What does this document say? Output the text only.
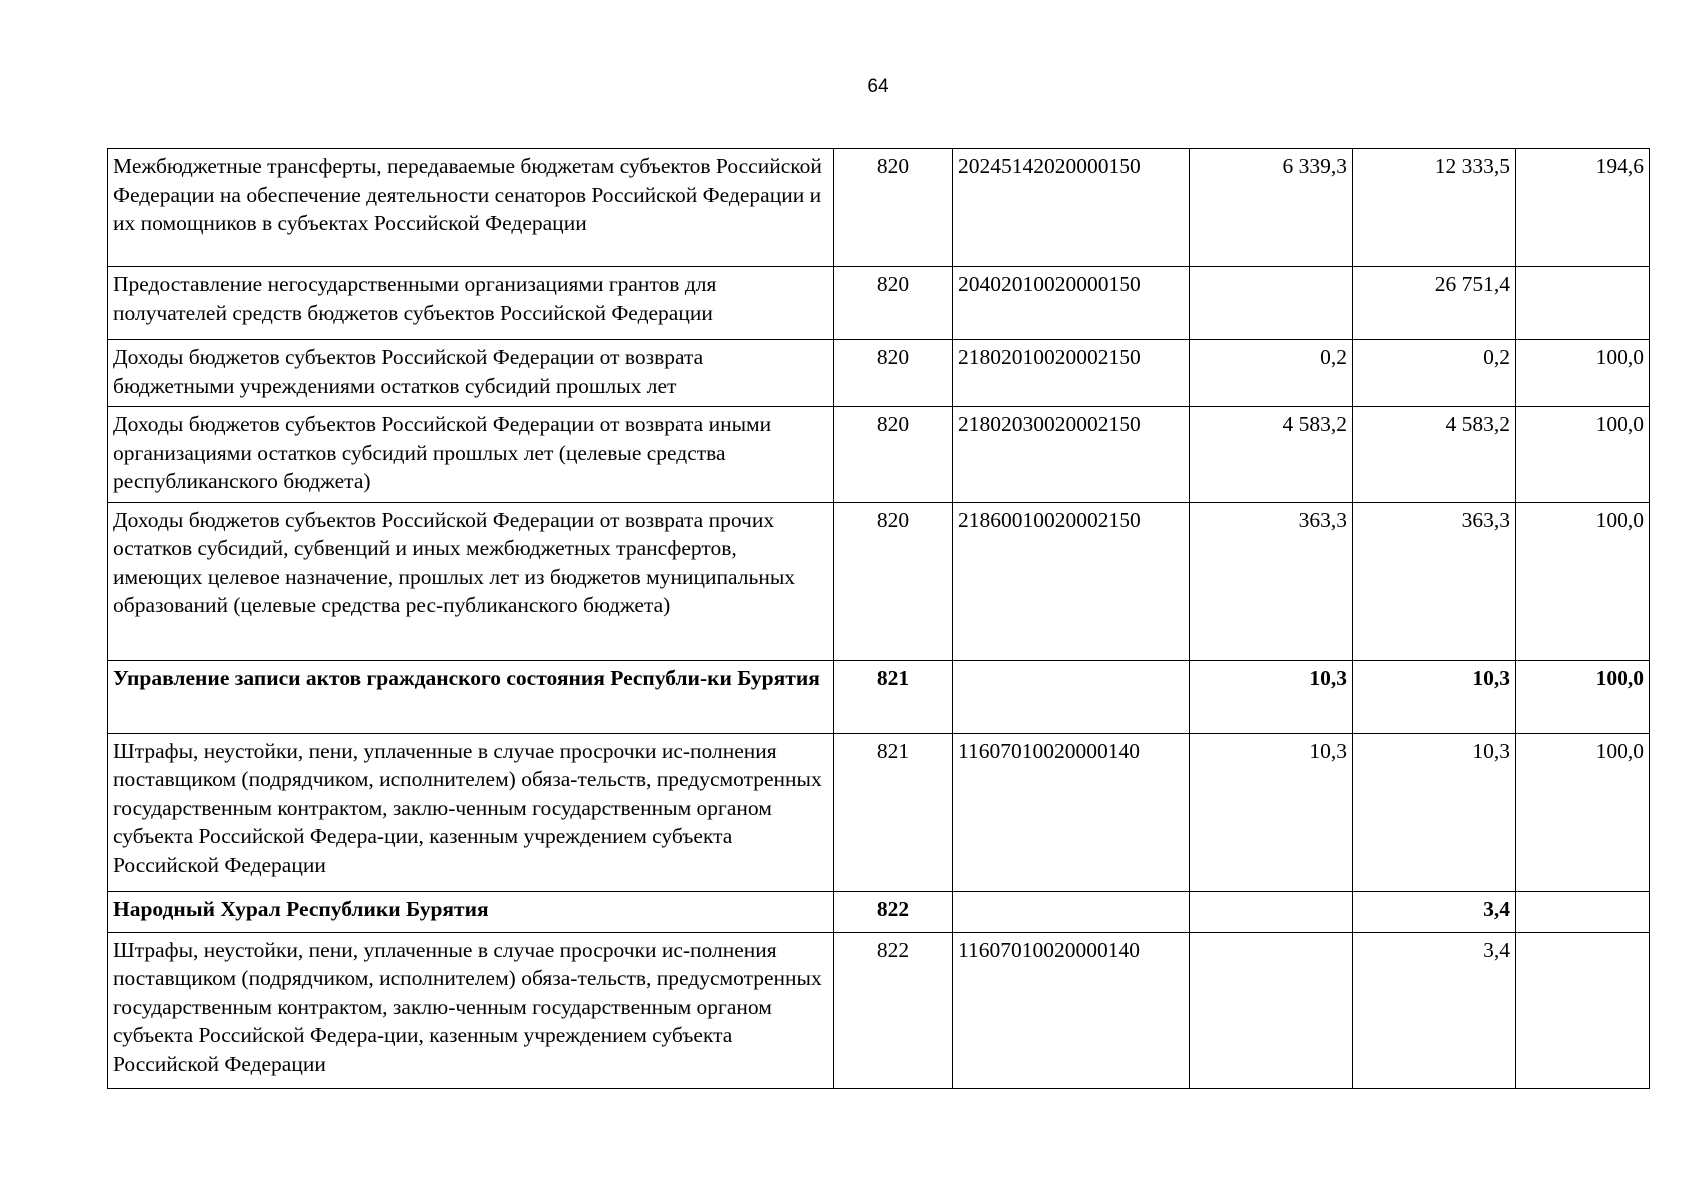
64
Межбюджетные трансферты, передаваемые бюджетам субъектов Российской Федерации на обеспечение деятельности сенаторов Российской Федерации и их помощников в субъектах Российской Федерации	820	20245142020000150	6 339,3	12 333,5	194,6
Предоставление негосударственными организациями грантов для получателей средств бюджетов субъектов Российской Федерации	820	20402010020000150		26 751,4	
Доходы бюджетов субъектов Российской Федерации от возврата бюджетными учреждениями остатков субсидий прошлых лет	820	21802010020002150	0,2	0,2	100,0
Доходы бюджетов субъектов Российской Федерации от возврата иными организациями остатков субсидий прошлых лет (целевые средства республиканского бюджета)	820	21802030020002150	4 583,2	4 583,2	100,0
Доходы бюджетов субъектов Российской Федерации от возврата прочих остатков субсидий, субвенций и иных межбюджетных трансфертов, имеющих целевое назначение, прошлых лет из бюджетов муниципальных образований (целевые средства рес-публиканского бюджета)	820	21860010020002150	363,3	363,3	100,0
Управление записи актов гражданского состояния Республи-ки Бурятия	821		10,3	10,3	100,0
Штрафы, неустойки, пени, уплаченные в случае просрочки ис-полнения поставщиком (подрядчиком, исполнителем) обяза-тельств, предусмотренных государственным контрактом, заклю-ченным государственным органом субъекта Российской Федера-ции, казенным учреждением субъекта Российской Федерации	821	11607010020000140	10,3	10,3	100,0
Народный Хурал Республики Бурятия	822			3,4	
Штрафы, неустойки, пени, уплаченные в случае просрочки ис-полнения поставщиком (подрядчиком, исполнителем) обяза-тельств, предусмотренных государственным контрактом, заклю-ченным государственным органом субъекта Российской Федера-ции, казенным учреждением субъекта Российской Федерации	822	11607010020000140		3,4	
